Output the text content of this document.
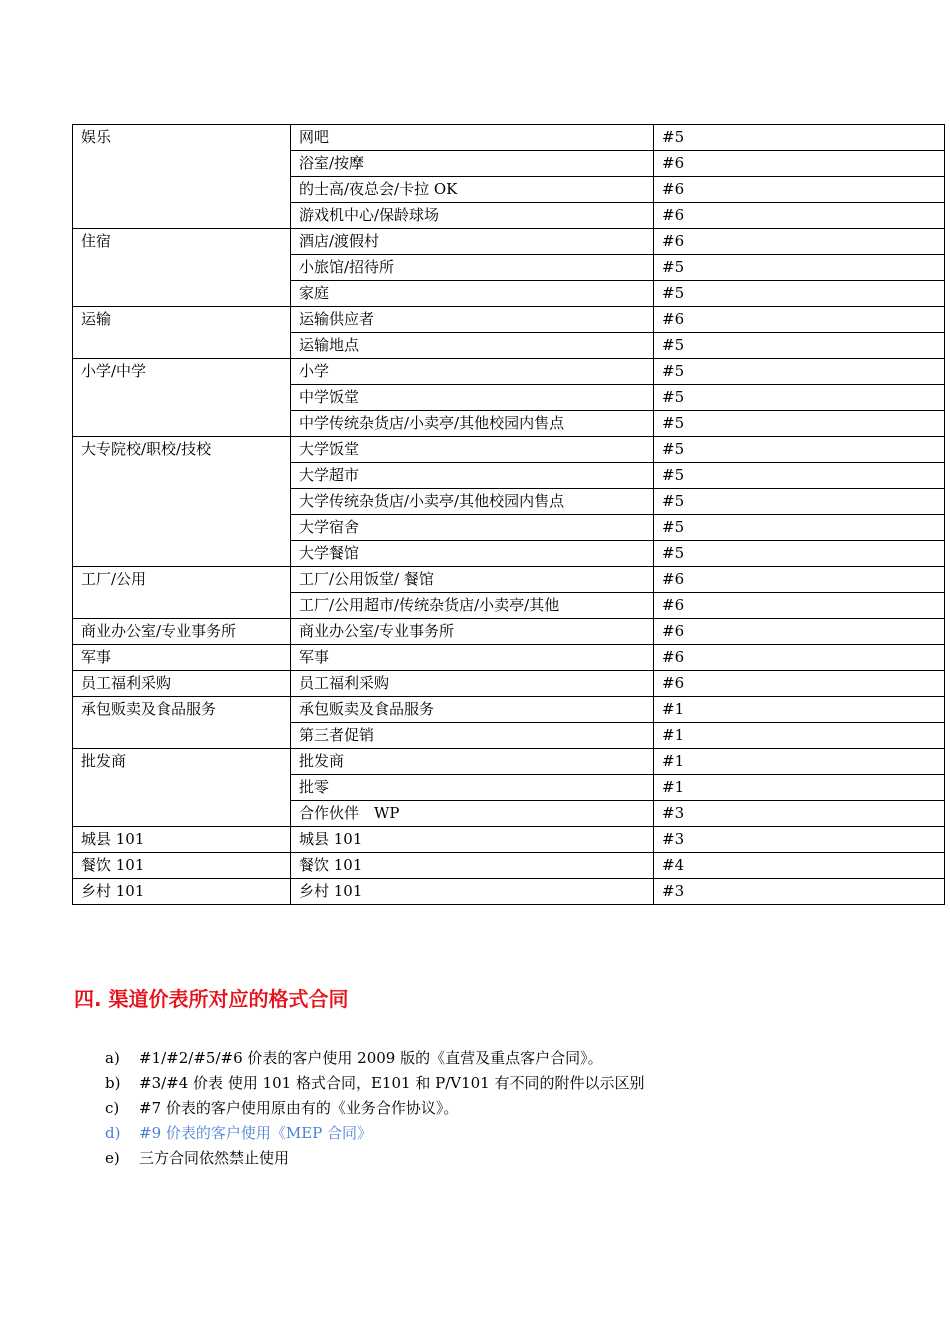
娱乐	网吧	#5
	浴室/按摩	#6
	的士高/夜总会/卡拉 OK	#6
	游戏机中心/保龄球场	#6
住宿	酒店/渡假村	#6
	小旅馆/招待所	#5
	家庭	#5
运输	运输供应者	#6
	运输地点	#5
小学/中学	小学	#5
	中学饭堂	#5
	中学传统杂货店/小卖亭/其他校园内售点	#5
大专院校/职校/技校	大学饭堂	#5
	大学超市	#5
	大学传统杂货店/小卖亭/其他校园内售点	#5
	大学宿舍	#5
	大学餐馆	#5
工厂/公用	工厂/公用饭堂/ 餐馆	#6
	工厂/公用超市/传统杂货店/小卖亭/其他	#6
商业办公室/专业事务所	商业办公室/专业事务所	#6
军事	军事	#6
员工福利采购	员工福利采购	#6
承包贩卖及食品服务	承包贩卖及食品服务	#1
	第三者促销	#1
批发商	批发商	#1
	批零	#1
	合作伙伴　WP	#3
城县 101	城县 101	#3
餐饮 101	餐饮 101	#4
乡村 101	乡村 101	#3
四. 渠道价表所对应的格式合同
a) #1/#2/#5/#6 价表的客户使用 2009 版的《直营及重点客户合同》。
b) #3/#4 价表 使用 101 格式合同，E101 和 P/V101 有不同的附件以示区别
c) #7 价表的客户使用原由有的《业务合作协议》。
d) #9 价表的客户使用《MEP 合同》
e) 三方合同依然禁止使用
